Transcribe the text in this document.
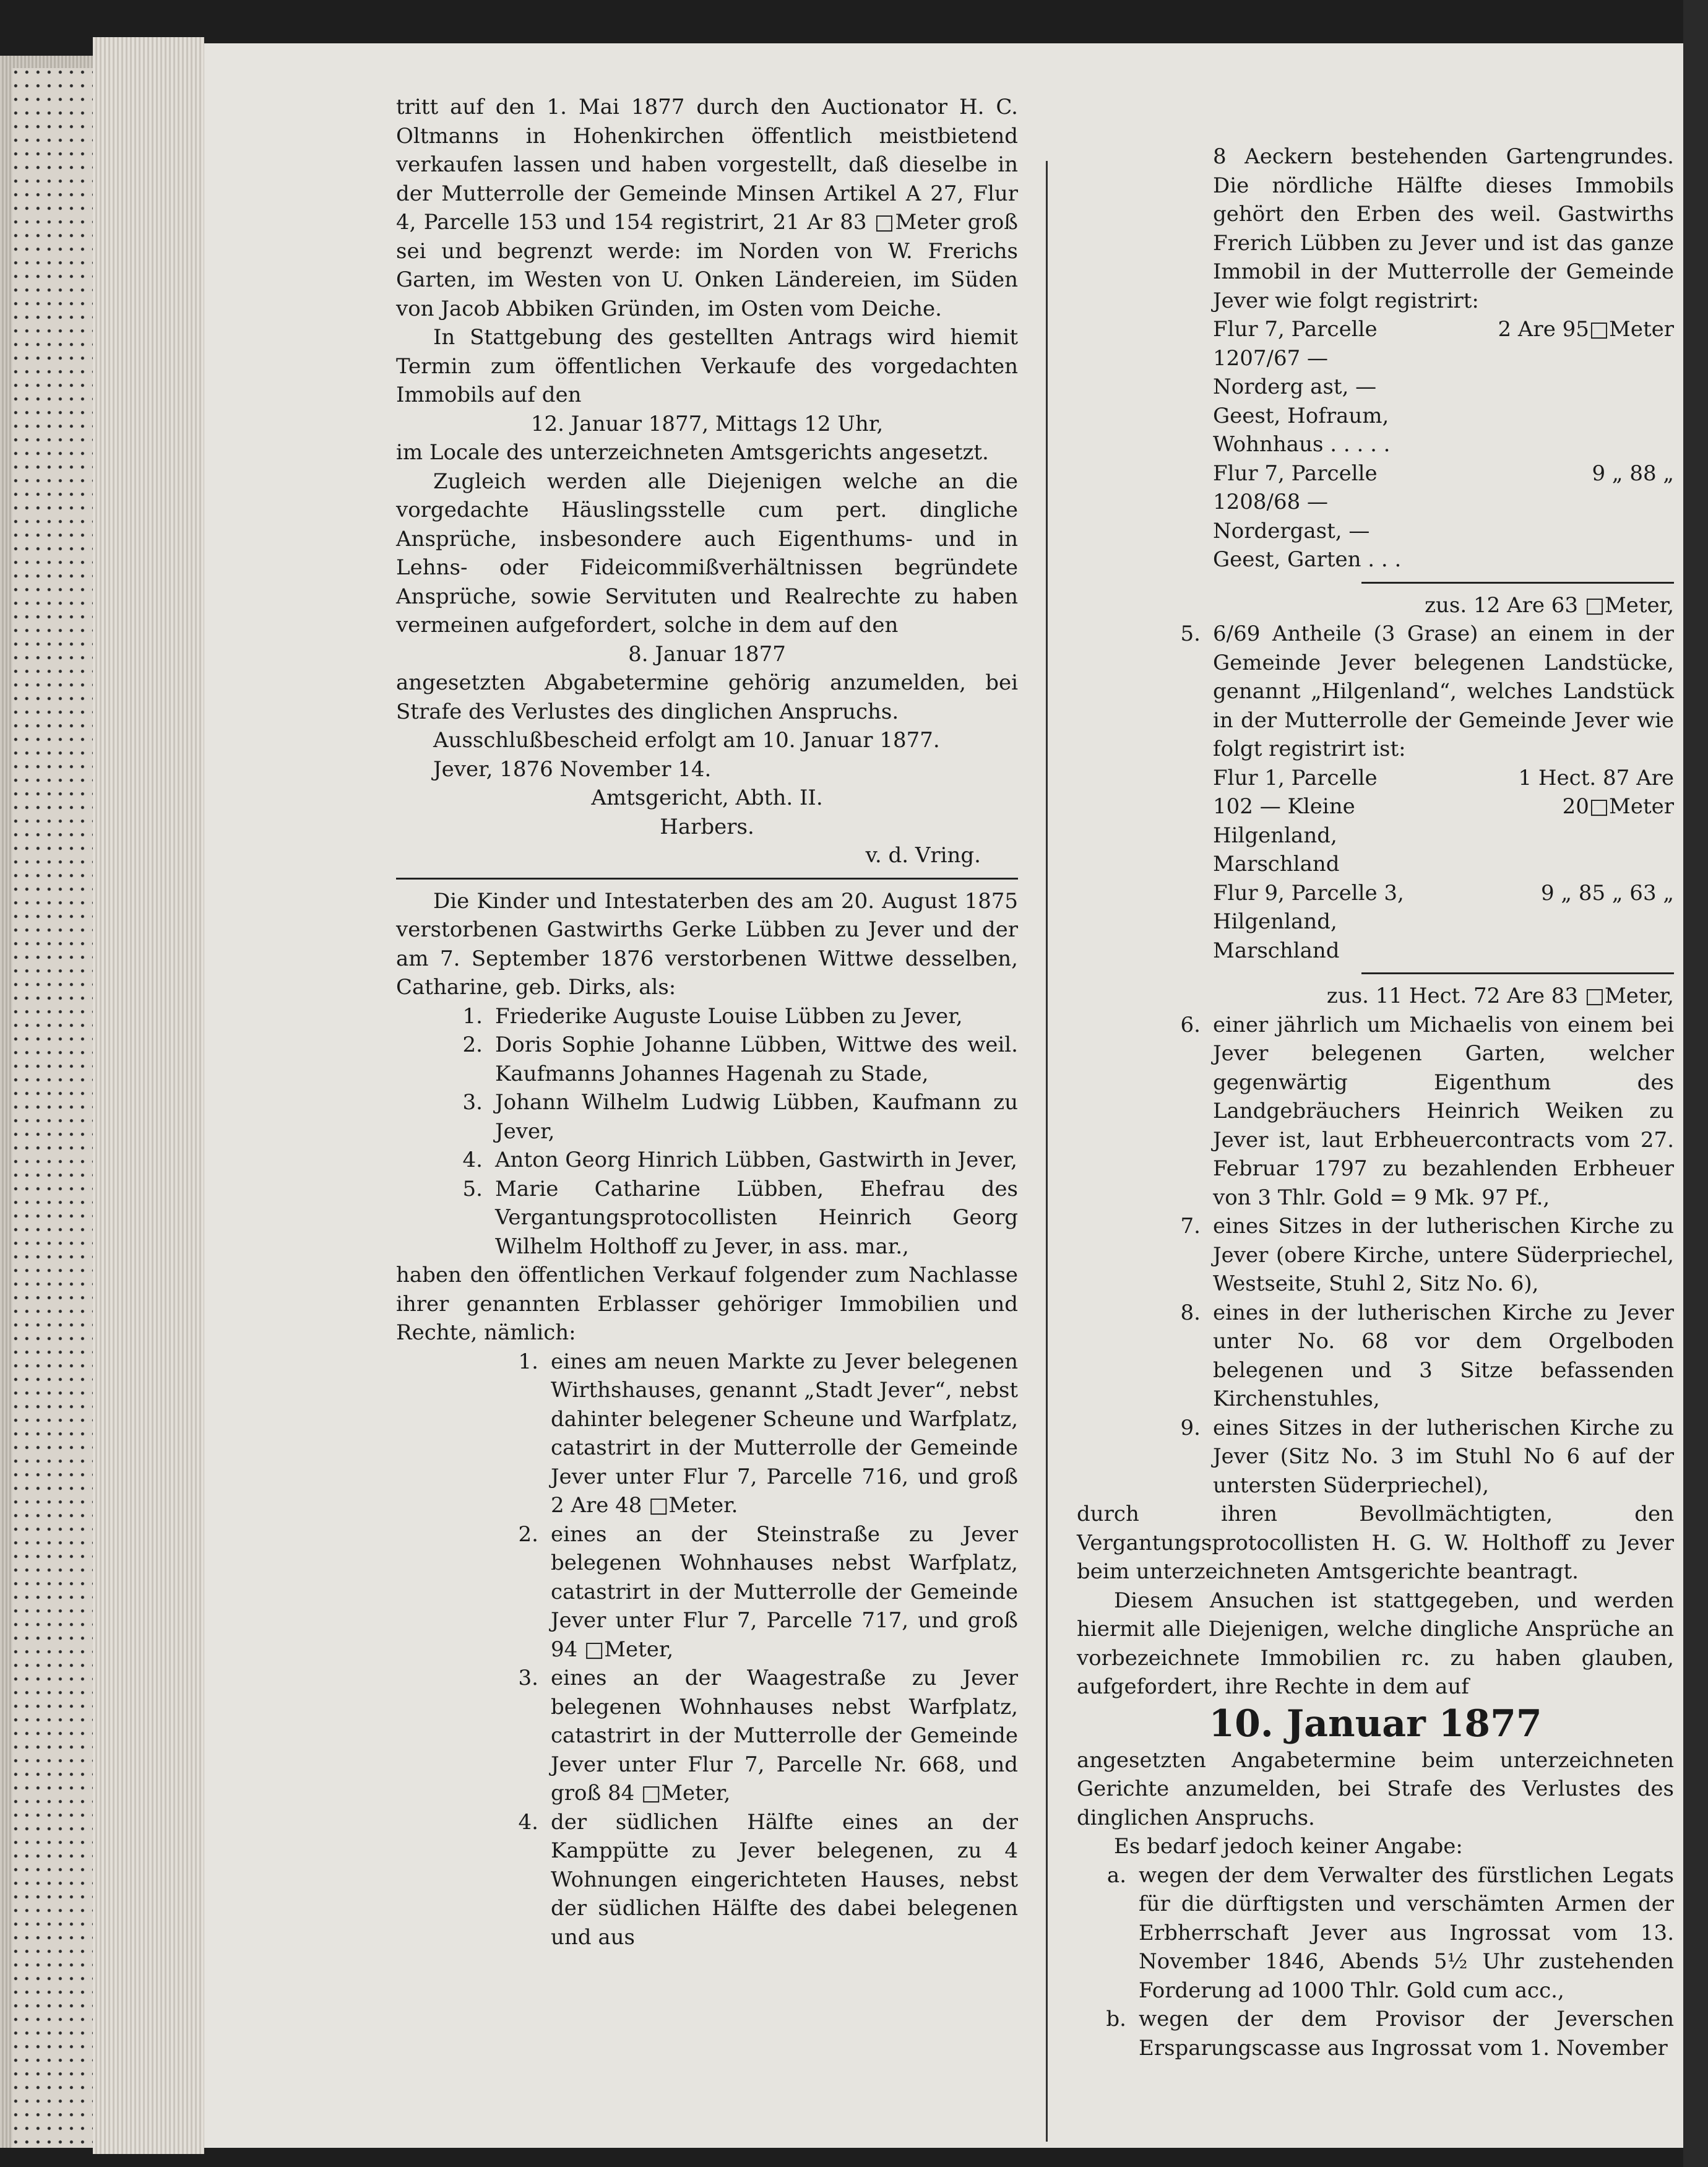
tritt auf den 1. Mai 1877 durch den Auctionator H. C. Oltmanns in Hohenkirchen öffentlich meistbietend verkaufen lassen und haben vorgestellt, daß dieselbe in der Mutterrolle der Gemeinde Minsen Artikel A 27, Flur 4, Parcelle 153 und 154 registrirt, 21 Ar 83 □Meter groß sei und begrenzt werde: im Norden von W. Frerichs Garten, im Westen von U. Onken Ländereien, im Süden von Jacob Abbiken Gründen, im Osten vom Deiche.

In Stattgebung des gestellten Antrags wird hiemit Termin zum öffentlichen Verkaufe des vorgedachten Immobils auf den

12. Januar 1877, Mittags 12 Uhr,

im Locale des unterzeichneten Amtsgerichts angesetzt.

Zugleich werden alle Diejenigen welche an die vorgedachte Häuslingsstelle cum pert. dingliche Ansprüche, insbesondere auch Eigenthums- und in Lehns- oder Fideicommißverhältnissen begründete Ansprüche, sowie Servituten und Realrechte zu haben vermeinen aufgefordert, solche in dem auf den

8. Januar 1877

angesetzten Abgabetermine gehörig anzumelden, bei Strafe des Verlustes des dinglichen Anspruchs.

Ausschlußbescheid erfolgt am 10. Januar 1877.

Jever, 1876 November 14.

Amtsgericht, Abth. II.

Harbers.

v. d. Vring.

Die Kinder und Intestaterben des am 20. August 1875 verstorbenen Gastwirths Gerke Lübben zu Jever und der am 7. September 1876 verstorbenen Wittwe desselben, Catharine, geb. Dirks, als:

1. Friederike Auguste Louise Lübben zu Jever,
2. Doris Sophie Johanne Lübben, Wittwe des weil. Kaufmanns Johannes Hagenah zu Stade,
3. Johann Wilhelm Ludwig Lübben, Kaufmann zu Jever,
4. Anton Georg Hinrich Lübben, Gastwirth in Jever,
5. Marie Catharine Lübben, Ehefrau des Vergantungsprotocollisten Heinrich Georg Wilhelm Holthoff zu Jever, in ass. mar.,

haben den öffentlichen Verkauf folgender zum Nachlasse ihrer genannten Erblasser gehöriger Immobilien und Rechte, nämlich:

1. eines am neuen Markte zu Jever belegenen Wirthshauses, genannt „Stadt Jever“, nebst dahinter belegener Scheune und Warfplatz, catastrirt in der Mutterrolle der Gemeinde Jever unter Flur 7, Parcelle 716, und groß 2 Are 48 □Meter.
2. eines an der Steinstraße zu Jever belegenen Wohnhauses nebst Warfplatz, catastrirt in der Mutterrolle der Gemeinde Jever unter Flur 7, Parcelle 717, und groß 94 □Meter,
3. eines an der Waagestraße zu Jever belegenen Wohnhauses nebst Warfplatz, catastrirt in der Mutterrolle der Gemeinde Jever unter Flur 7, Parcelle Nr. 668, und groß 84 □Meter,
4. der südlichen Hälfte eines an der Kamppütte zu Jever belegenen, zu 4 Wohnungen eingerichteten Hauses, nebst der südlichen Hälfte des dabei belegenen und aus

8 Aeckern bestehenden Gartengrundes. Die nördliche Hälfte dieses Immobils gehört den Erben des weil. Gastwirths Frerich Lübben zu Jever und ist das ganze Immobil in der Mutterrolle der Gemeinde Jever wie folgt registrirt:

Flur 7, Parcelle 1207/67 — Norderg ast, — Geest, Hofraum, Wohnhaus . . . . .
2 Are 95□Meter
Flur 7, Parcelle 1208/68 — Nordergast, — Geest, Garten . . .
9 „ 88 „

zus. 12 Are 63 □Meter,

5. 6/69 Antheile (3 Grase) an einem in der Gemeinde Jever belegenen Landstücke, genannt „Hilgenland“, welches Landstück in der Mutterrolle der Gemeinde Jever wie folgt registrirt ist:
Flur 1, Parcelle 102 — Kleine Hilgenland, Marschland
1 Hect. 87 Are 20□Meter
Flur 9, Parcelle 3, Hilgenland, Marschland
9 „ 85 „ 63 „

zus. 11 Hect. 72 Are 83 □Meter,

6. einer jährlich um Michaelis von einem bei Jever belegenen Garten, welcher gegenwärtig Eigenthum des Landgebräuchers Heinrich Weiken zu Jever ist, laut Erbheuercontracts vom 27. Februar 1797 zu bezahlenden Erbheuer von 3 Thlr. Gold = 9 Mk. 97 Pf.,
7. eines Sitzes in der lutherischen Kirche zu Jever (obere Kirche, untere Süderpriechel, Westseite, Stuhl 2, Sitz No. 6),
8. eines in der lutherischen Kirche zu Jever unter No. 68 vor dem Orgelboden belegenen und 3 Sitze befassenden Kirchenstuhles,
9. eines Sitzes in der lutherischen Kirche zu Jever (Sitz No. 3 im Stuhl No 6 auf der untersten Süderpriechel),

durch ihren Bevollmächtigten, den Vergantungsprotocollisten H. G. W. Holthoff zu Jever beim unterzeichneten Amtsgerichte beantragt.

Diesem Ansuchen ist stattgegeben, und werden hiermit alle Diejenigen, welche dingliche Ansprüche an vorbezeichnete Immobilien rc. zu haben glauben, aufgefordert, ihre Rechte in dem auf

10. Januar 1877

angesetzten Angabetermine beim unterzeichneten Gerichte anzumelden, bei Strafe des Verlustes des dinglichen Anspruchs.

Es bedarf jedoch keiner Angabe:

a. wegen der dem Verwalter des fürstlichen Legats für die dürftigsten und verschämten Armen der Erbherrschaft Jever aus Ingrossat vom 13. November 1846, Abends 5½ Uhr zustehenden Forderung ad 1000 Thlr. Gold cum acc.,
b. wegen der dem Provisor der Jeverschen Ersparungscasse aus Ingrossat vom 1. November
